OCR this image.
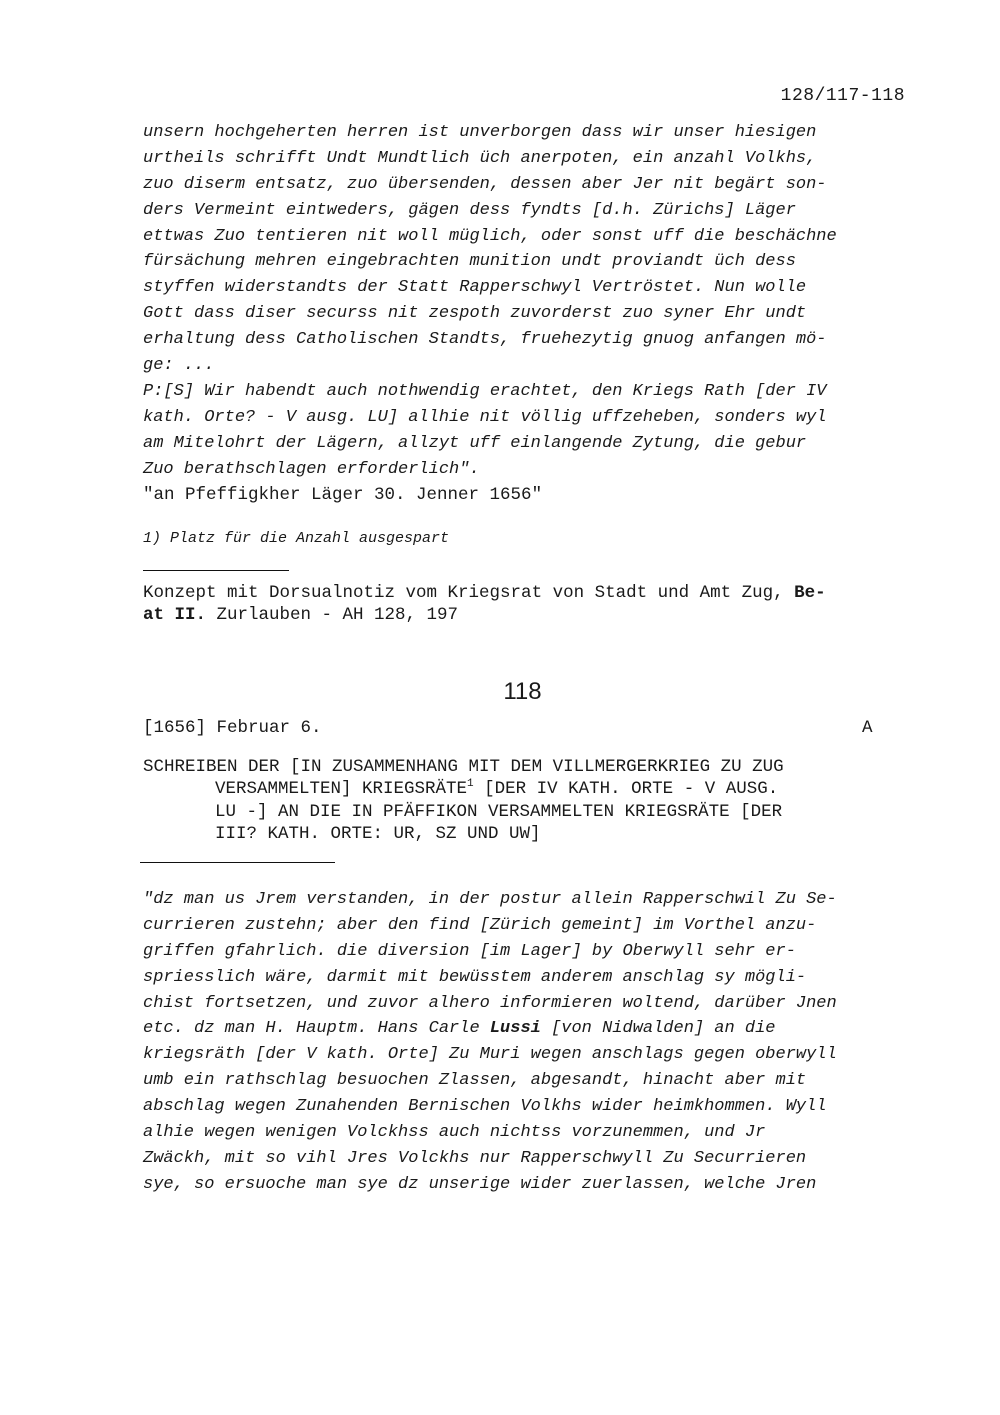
128/117-118
unsern hochgeherten herren ist unverborgen dass wir unser hiesigen
urtheils schrifft Undt Mundtlich üch anerpoten, ein anzahl Volkhs,
zuo diserm entsatz, zuo übersenden, dessen aber Jer nit begärt son-
ders Vermeint eintweders, gägen dess fyndts [d.h. Zürichs] Läger
ettwas Zuo tentieren nit woll müglich, oder sonst uff die beschächne
fürsächung mehren eingebrachten munition undt proviandt üch dess
styffen widerstandts der Statt Rapperschwyl Vertröstet. Nun wolle
Gott dass diser securss nit zespoth zuvorderst zuo syner Ehr undt
erhaltung dess Catholischen Standts, fruehezytig gnuog anfangen mö-
ge: ...
P:[S] Wir habendt auch nothwendig erachtet, den Kriegs Rath [der IV
kath. Orte? - V ausg. LU] allhie nit völlig uffzeheben, sonders wyl
am Mitelohrt der Lägern, allzyt uff einlangende Zytung, die gebur
Zuo berathschlagen erforderlich".
"an Pfeffigkher Läger 30. Jenner 1656"
1) Platz für die Anzahl ausgespart
Konzept mit Dorsualnotiz vom Kriegsrat von Stadt und Amt Zug, Be-
at II. Zurlauben - AH 128, 197
118
[1656] Februar 6.	A
SCHREIBEN DER [IN ZUSAMMENHANG MIT DEM VILLMERGERKRIEG ZU ZUG
VERSAMMELTEN] KRIEGSRÄTE$^1$ [DER IV KATH. ORTE - V AUSG.
LU -] AN DIE IN PFÄFFIKON VERSAMMELTEN KRIEGSRÄTE [DER
III? KATH. ORTE: UR, SZ UND UW]
"dz man us Jrem verstanden, in der postur allein Rapperschwil Zu Se-
currieren zustehn; aber den find [Zürich gemeint] im Vorthel anzu-
griffen gfahrlich. die diversion [im Lager] by Oberwyll sehr er-
spriesslich wäre, darmit mit bewüsstem anderem anschlag sy mögli-
chist fortsetzen, und zuvor alhero informieren woltend, darüber Jnen
etc. dz man H. Hauptm. Hans Carle Lussi [von Nidwalden] an die
kriegsräth [der V kath. Orte] Zu Muri wegen anschlags gegen oberwyll
umb ein rathschlag besuochen Zlassen, abgesandt, hinacht aber mit
abschlag wegen Zunahenden Bernischen Volkhs wider heimkhommen. Wyll
alhie wegen wenigen Volckhss auch nichtss vorzunemmen, und Jr
Zwäckh, mit so vihl Jres Volckhs nur Rapperschwyll Zu Securrieren
sye, so ersuoche man sye dz unserige wider zuerlassen, welche Jren
